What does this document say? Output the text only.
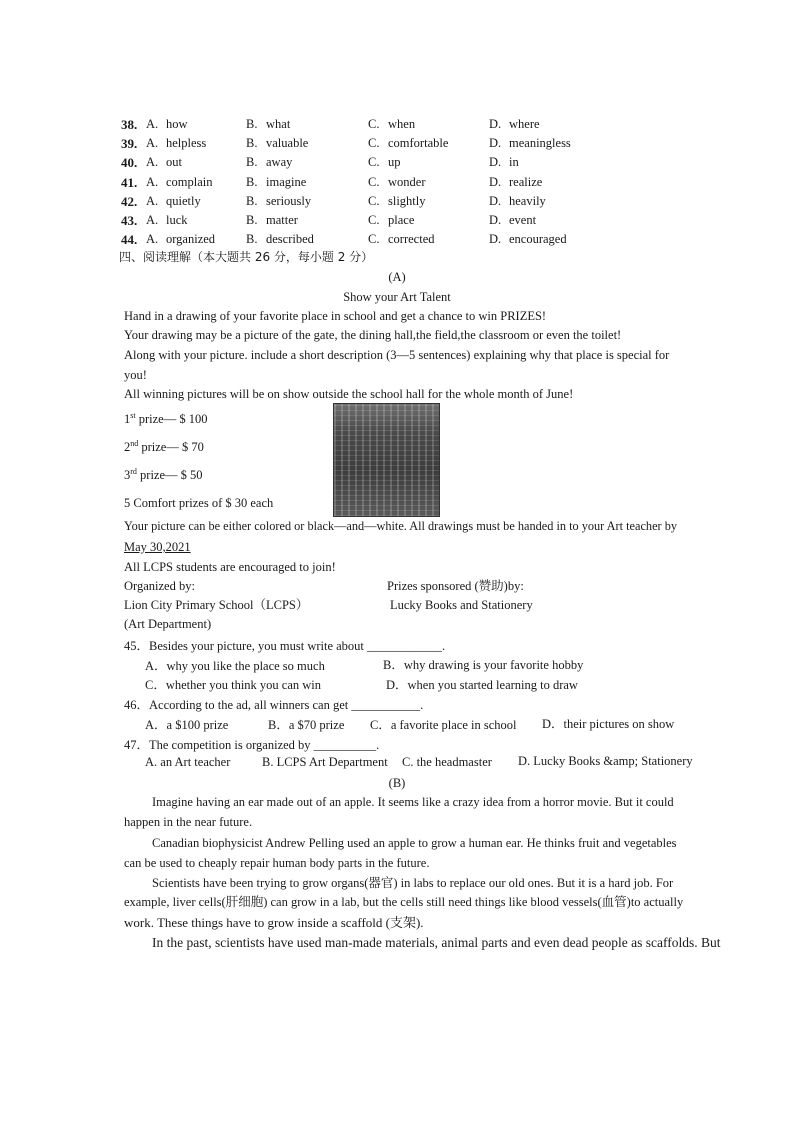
38. A. how	B. what	C. when	D. where
39. A. helpless	B. valuable	C. comfortable	D. meaningless
40. A. out	B. away	C. up	D. in
41. A. complain	B. imagine	C. wonder	D. realize
42. A. quietly	B. seriously	C. slightly	D. heavily
43. A. luck	B. matter	C. place	D. event
44. A. organized B. described	C. corrected	D. encouraged
四、阅读理解（本大题共 26 分，每小题 2 分）
(A)
Show your Art Talent
Hand in a drawing of your favorite place in school and get a chance to win PRIZES!
Your drawing may be a picture of the gate, the dining hall,the field,the classroom or even the toilet!
Along with your picture. include a short description (3—5 sentences) explaining why that place is special for
you!
All winning pictures will be on show outside the school hall for the whole month of June!
1st prize— $ 100
2nd prize— $ 70
3rd prize— $ 50
5 Comfort prizes of $ 30 each
Your picture can be either colored or black—and—white. All drawings must be handed in to your Art teacher by
May 30,2021
All LCPS students are encouraged to join!
Organized by:	Prizes sponsored (赞助)by:
Lion City Primary School（LCPS）	Lucky Books and Stationery
(Art Department)
45．Besides your picture, you must write about ____________.
A．why you like the place so much	B．why drawing is your favorite hobby
C．whether you think you can win	D．when you started learning to draw
46．According to the ad, all winners can get ___________.
A．a $100 prize	B．a $70 prize C．a favorite place in school D．their pictures on show
47．The competition is organized by __________.
A. an Art teacher	B. LCPS Art Department C. the headmaster D. Lucky Books &amp; Stationery
(B)
Imagine having an ear made out of an apple. It seems like a crazy idea from a horror movie. But it could
happen in the near future.
Canadian biophysicist Andrew Pelling used an apple to grow a human ear. He thinks fruit and vegetables
can be used to cheaply repair human body parts in the future.
Scientists have been trying to grow organs(器官) in labs to replace our old ones. But it is a hard job. For
example, liver cells(肝细胞) can grow in a lab, but the cells still need things like blood vessels(血管)to actually
work. These things have to grow inside a scaffold (支架).
In the past, scientists have used man-made materials, animal parts and even dead people as scaffolds. But
